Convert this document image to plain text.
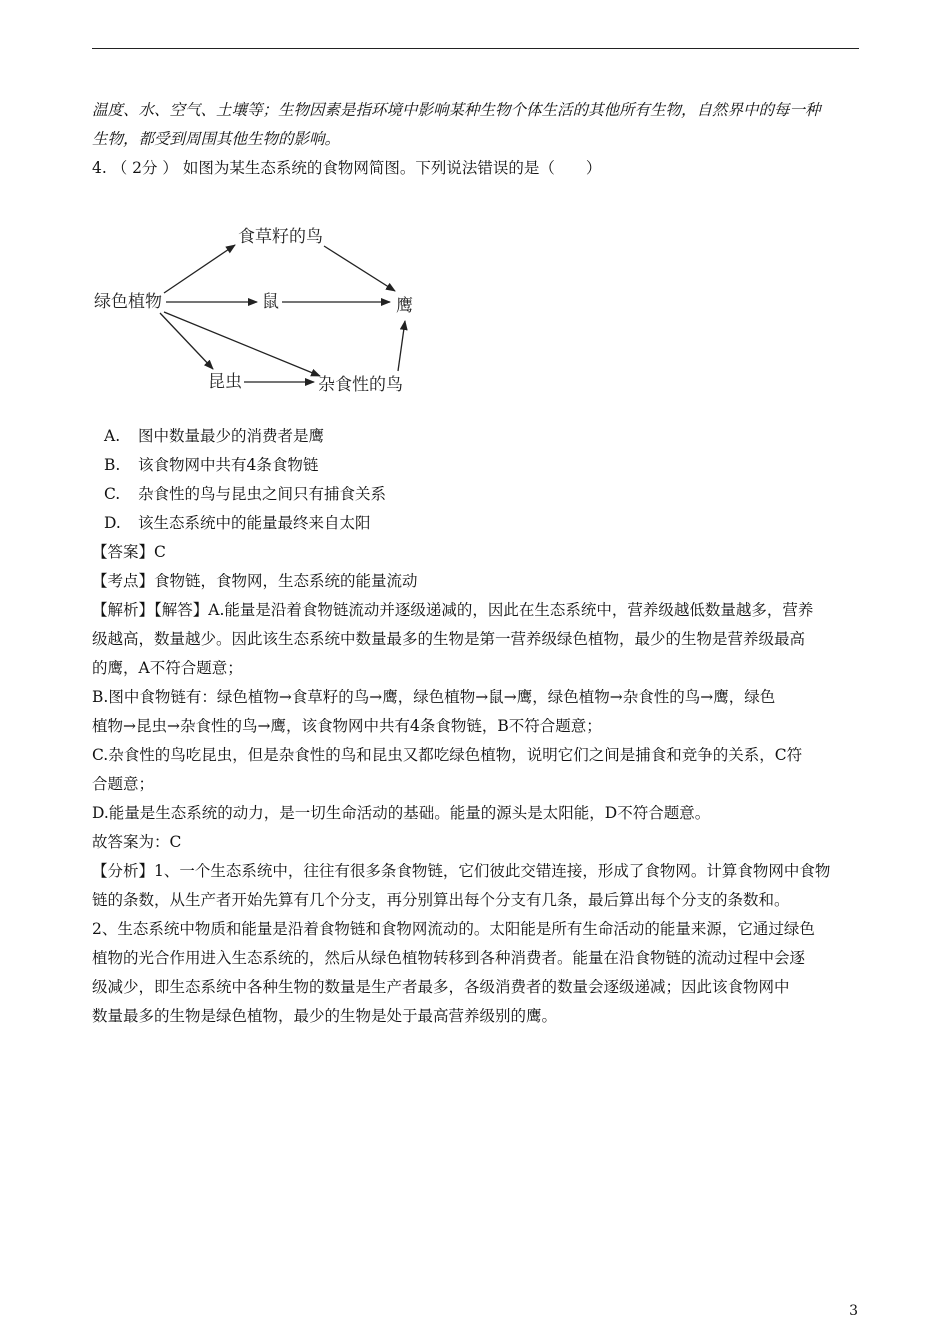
温度、水、空气、土壤等；生物因素是指环境中影响某种生物个体生活的其他所有生物，自然界中的每一种
生物，都受到周围其他生物的影响。
4. （ 2分 ） 如图为某生态系统的食物网简图。下列说法错误的是（　　）
绿色植物
食草籽的鸟
鼠	鹰
昆虫	杂食性的鸟
A. 图中数量最少的消费者是鹰
B. 该食物网中共有4条食物链
C. 杂食性的鸟与昆虫之间只有捕食关系
D. 该生态系统中的能量最终来自太阳
【答案】C
【考点】食物链，食物网，生态系统的能量流动
【解析】【解答】A.能量是沿着食物链流动并逐级递减的，因此在生态系统中，营养级越低数量越多，营养
级越高，数量越少。因此该生态系统中数量最多的生物是第一营养级绿色植物，最少的生物是营养级最高
的鹰，A不符合题意；
B.图中食物链有：绿色植物→食草籽的鸟→鹰，绿色植物→鼠→鹰，绿色植物→杂食性的鸟→鹰，绿色
植物→昆虫→杂食性的鸟→鹰，该食物网中共有4条食物链，B不符合题意；
C.杂食性的鸟吃昆虫，但是杂食性的鸟和昆虫又都吃绿色植物，说明它们之间是捕食和竞争的关系，C符
合题意；
D.能量是生态系统的动力，是一切生命活动的基础。能量的源头是太阳能，D不符合题意。
故答案为：C
【分析】1、一个生态系统中，往往有很多条食物链，它们彼此交错连接，形成了食物网。计算食物网中食物
链的条数，从生产者开始先算有几个分支，再分别算出每个分支有几条，最后算出每个分支的条数和。
2、生态系统中物质和能量是沿着食物链和食物网流动的。太阳能是所有生命活动的能量来源，它通过绿色
植物的光合作用进入生态系统的，然后从绿色植物转移到各种消费者。能量在沿食物链的流动过程中会逐
级减少，即生态系统中各种生物的数量是生产者最多，各级消费者的数量会逐级递减；因此该食物网中
数量最多的生物是绿色植物，最少的生物是处于最高营养级别的鹰。
3
